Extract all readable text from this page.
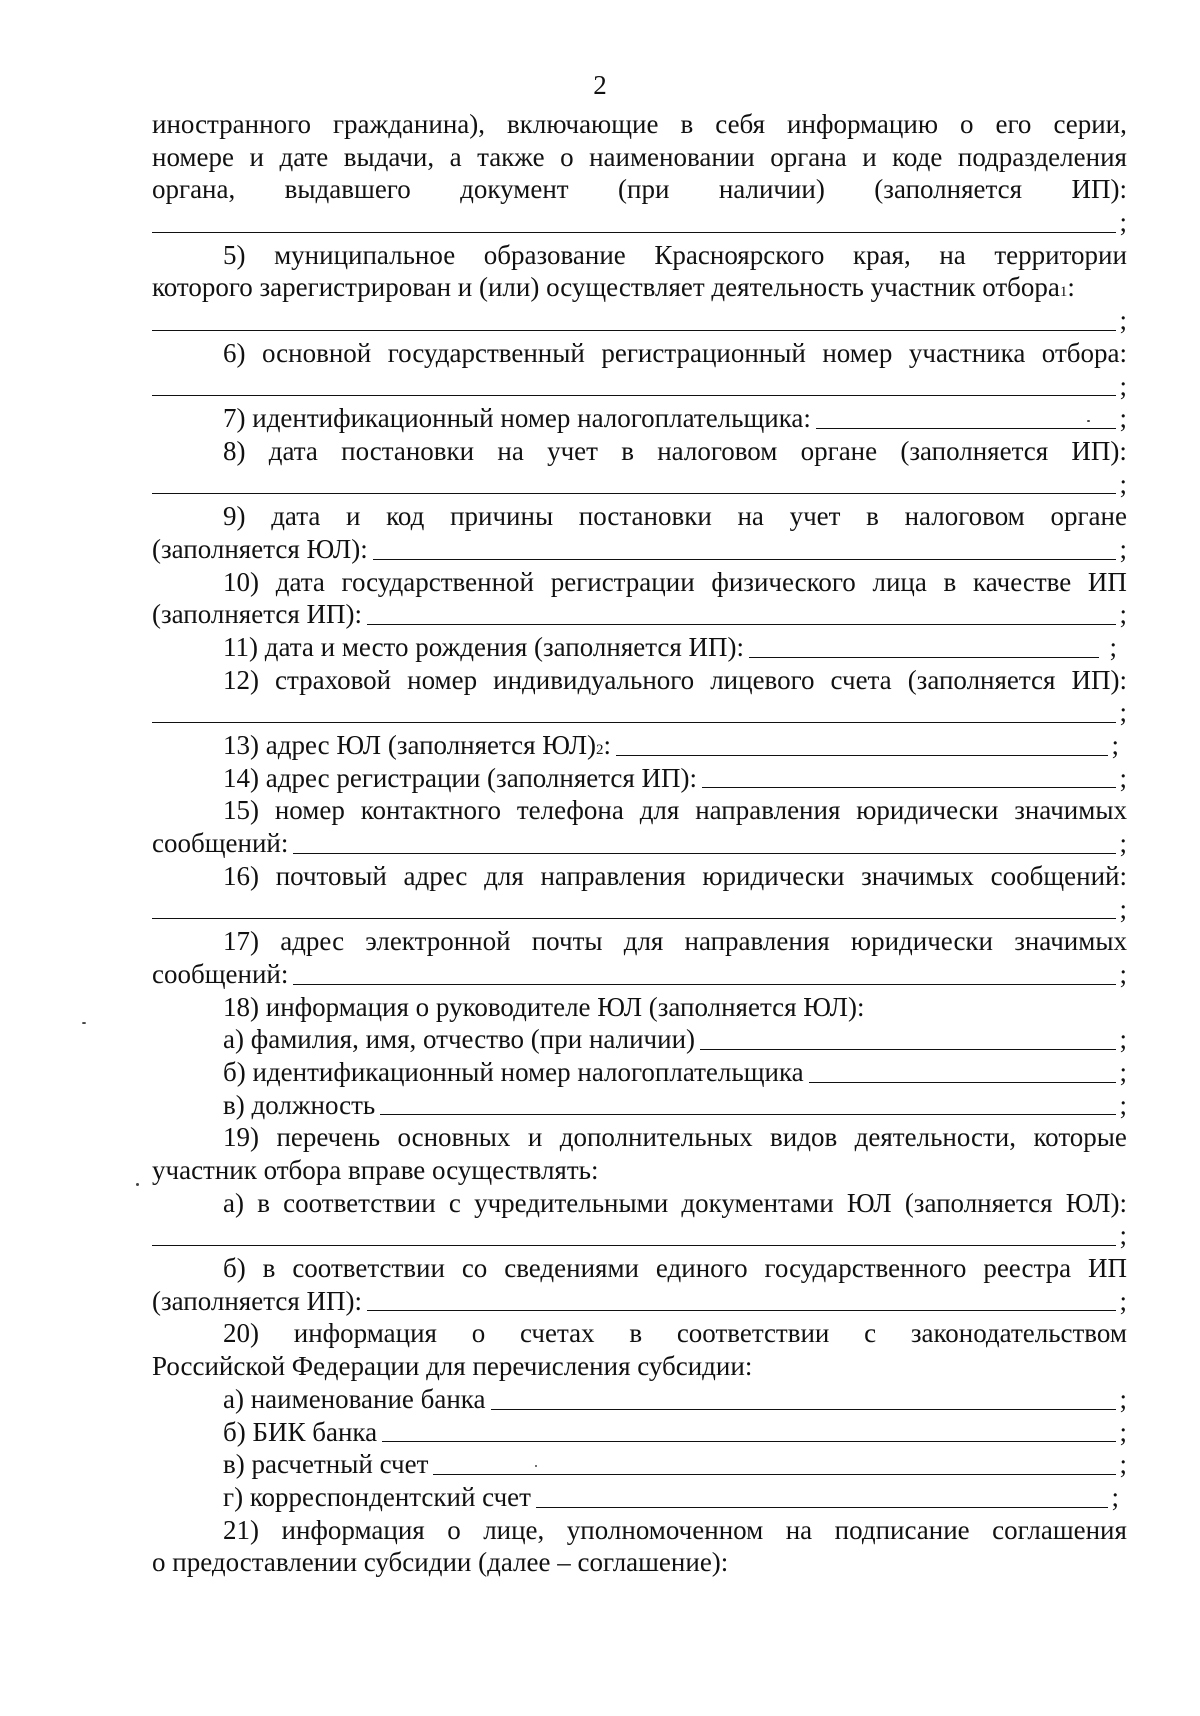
2
иностранного гражданина), включающие в себя информацию о его серии,
номере и дате выдачи, а также о наименовании органа и коде подразделения
органа, выдавшего документ (при наличии) (заполняется ИП):
;
5) муниципальное образование Красноярского края, на территории
которого зарегистрирован и (или) осуществляет деятельность участник отбора 1 :
;
6) основной государственный регистрационный номер участника отбора:
;
7) идентификационный номер налогоплательщика:	;
8) дата постановки на учет в налоговом органе (заполняется ИП):
;
9) дата и код причины постановки на учет в налоговом органе
(заполняется ЮЛ):	;
10) дата государственной регистрации физического лица в качестве ИП
(заполняется ИП):	;
11) дата и место рождения (заполняется ИП):	;
12) страховой номер индивидуального лицевого счета (заполняется ИП):
;
13) адрес ЮЛ (заполняется ЮЛ) 2 :	;
14) адрес регистрации (заполняется ИП):	;
15) номер контактного телефона для направления юридически значимых
сообщений:	;
16) почтовый адрес для направления юридически значимых сообщений:
;
17) адрес электронной почты для направления юридически значимых
сообщений:	;
18) информация о руководителе ЮЛ (заполняется ЮЛ):
а) фамилия, имя, отчество (при наличии)	;
б) идентификационный номер налогоплательщика	;
в) должность	;
19) перечень основных и дополнительных видов деятельности, которые
участник отбора вправе осуществлять:
а) в соответствии с учредительными документами ЮЛ (заполняется ЮЛ):
;
б) в соответствии со сведениями единого государственного реестра ИП
(заполняется ИП):	;
20) информация о счетах в соответствии с законодательством
Российской Федерации для перечисления субсидии:
а) наименование банка	;
б) БИК банка	;
в) расчетный счет	;
г) корреспондентский счет	;
21) информация о лице, уполномоченном на подписание соглашения
о предоставлении субсидии (далее – соглашение):
